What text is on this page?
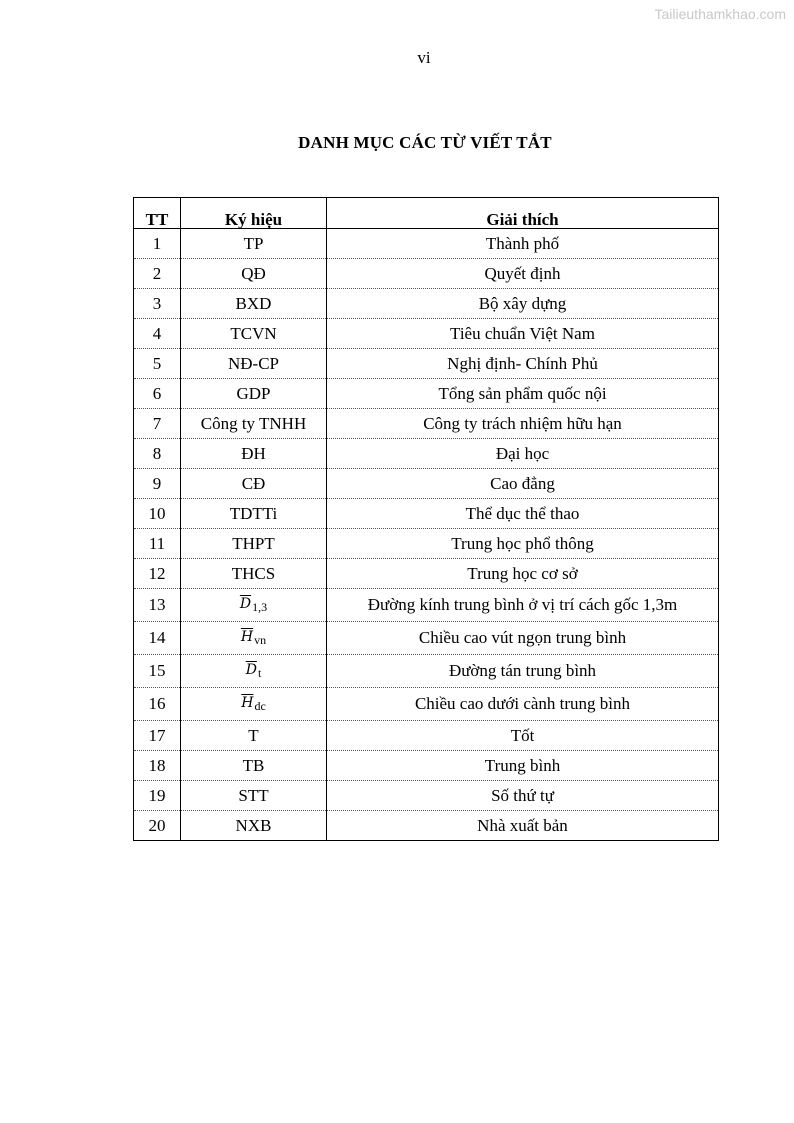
Tailieuthamkhao.com
vi
DANH MỤC CÁC TỪ VIẾT TẮT
TT	Ký hiệu	Giải thích
1	TP	Thành phố
2	QĐ	Quyết định
3	BXD	Bộ xây dựng
4	TCVN	Tiêu chuẩn Việt Nam
5	NĐ-CP	Nghị định- Chính Phủ
6	GDP	Tổng sản phẩm quốc nội
7	Công ty TNHH	Công ty trách nhiệm hữu hạn
8	ĐH	Đại học
9	CĐ	Cao đẳng
10	TDTTi	Thể dục thể thao
11	THPT	Trung học phổ thông
12	THCS	Trung học cơ sở
13	$\overline{D}_{1,3}$	Đường kính trung bình ở vị trí cách gốc 1,3m
14	$\overline{H}_{vn}$	Chiều cao vút ngọn trung bình
15	$\overline{D}_t$	Đường tán trung bình
16	$\overline{H}_{dc}$	Chiều cao dưới cành trung bình
17	T	Tốt
18	TB	Trung bình
19	STT	Số thứ tự
20	NXB	Nhà xuất bản
